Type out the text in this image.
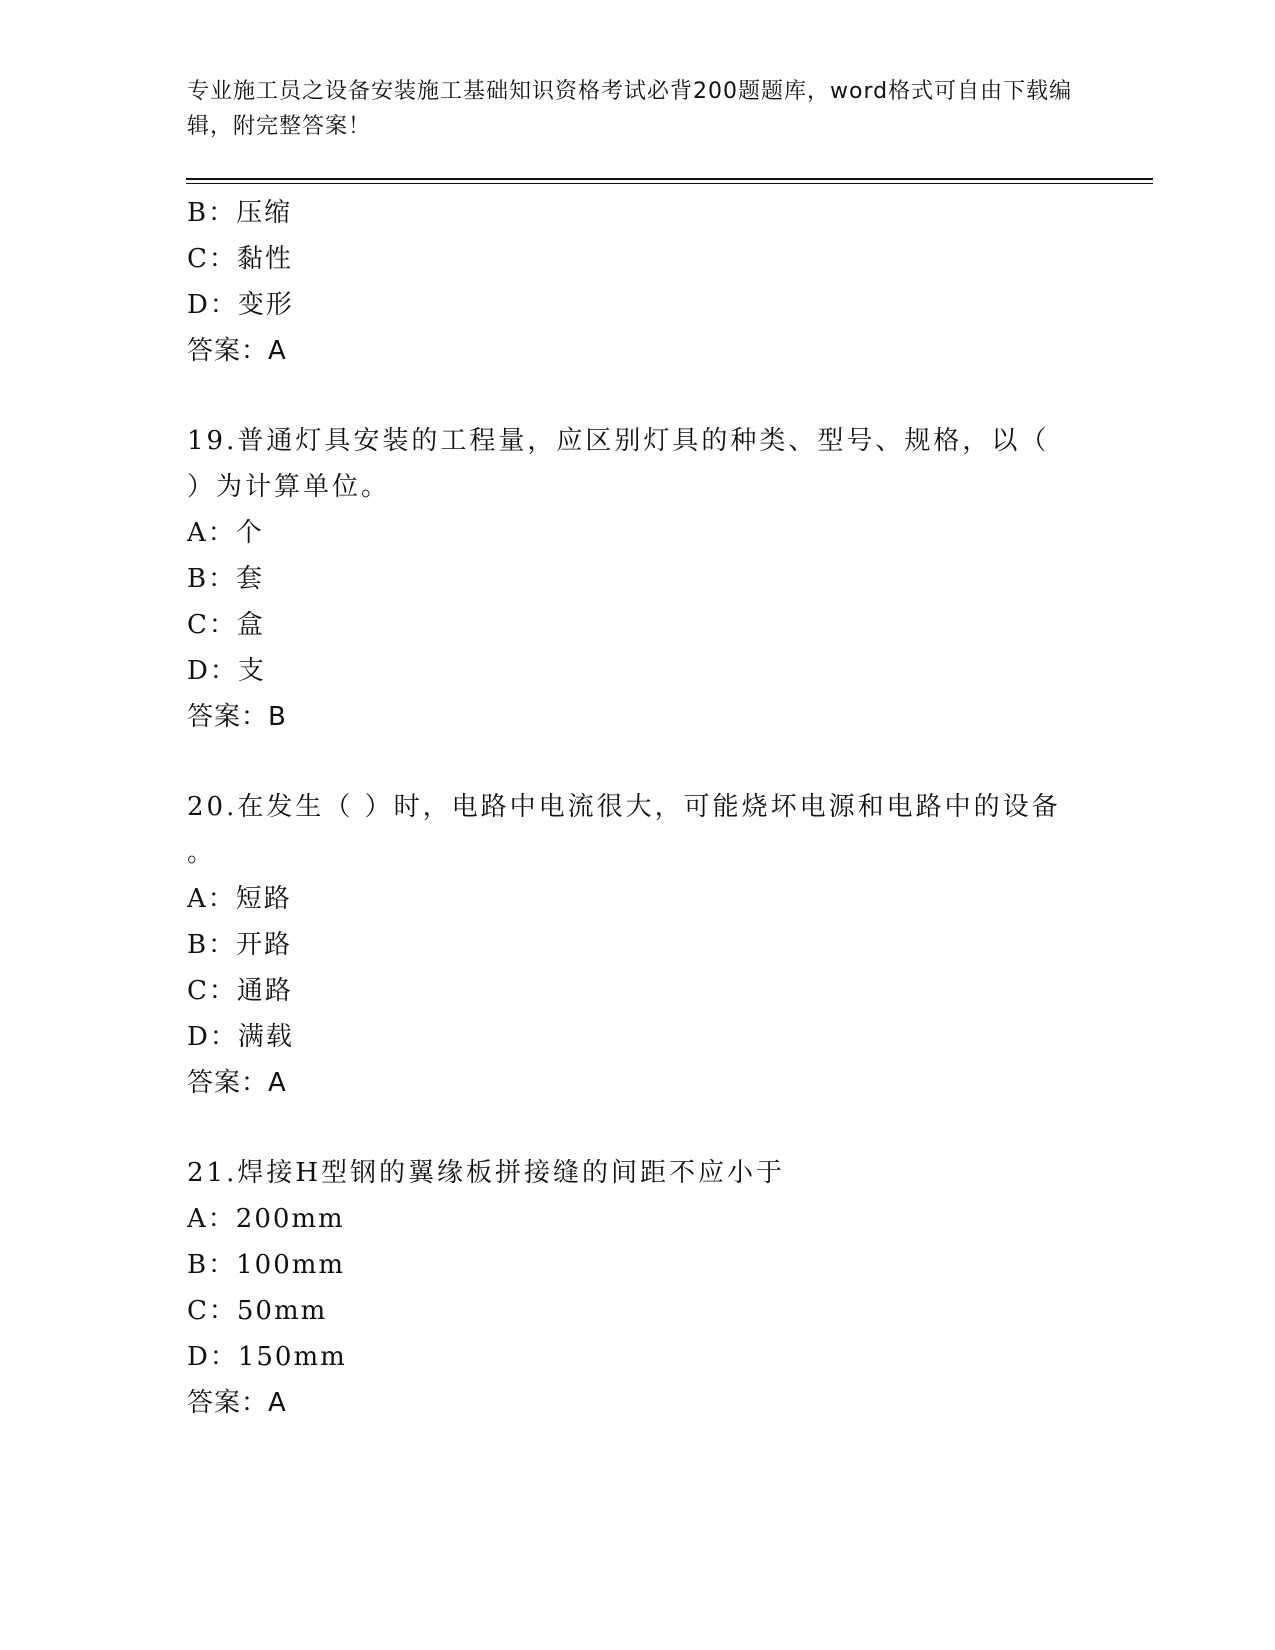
专业施工员之设备安装施工基础知识资格考试必背200题题库，word格式可自由下载编辑，附完整答案！
B：压缩
C：黏性
D：变形
答案：A
19.普通灯具安装的工程量，应区别灯具的种类、型号、规格，以（
）为计算单位。
A：个
B：套
C：盒
D：支
答案：B
20.在发生（ ）时，电路中电流很大，可能烧坏电源和电路中的设备
。
A：短路
B：开路
C：通路
D：满载
答案：A
21.焊接H型钢的翼缘板拼接缝的间距不应小于
A：200mm
B：100mm
C：50mm
D：150mm
答案：A
